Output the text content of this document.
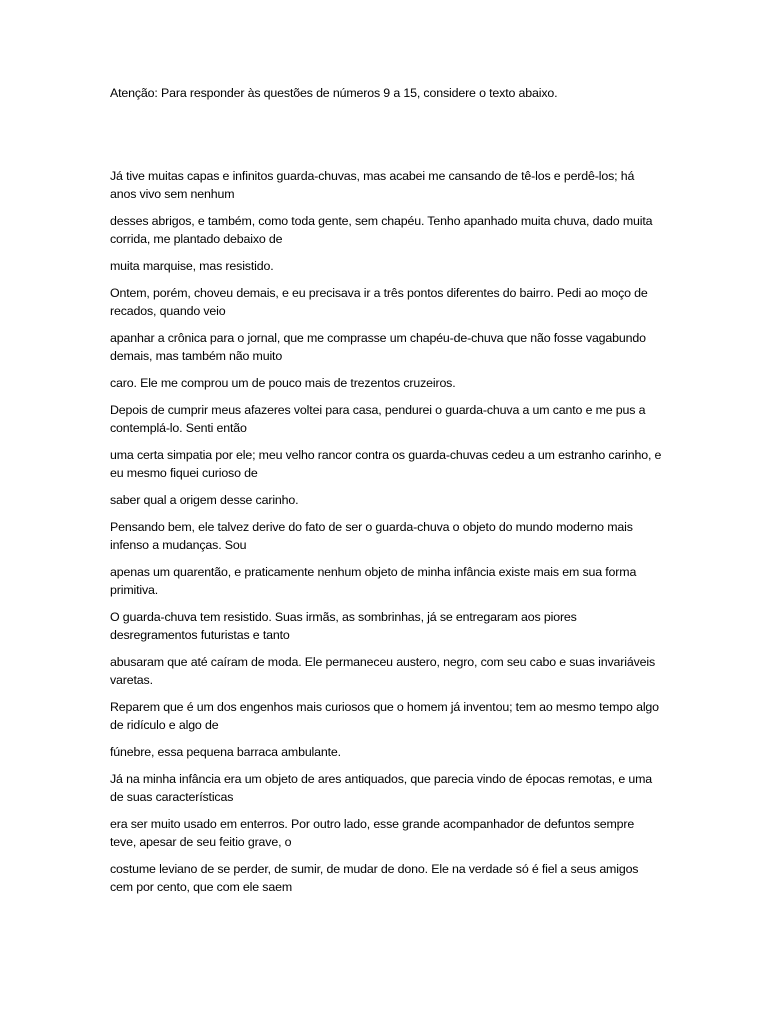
Atenção: Para responder às questões de números 9 a 15, considere o texto abaixo.

Já tive muitas capas e infinitos guarda-chuvas, mas acabei me cansando de tê-los e perdê-los; há anos vivo sem nenhum

desses abrigos, e também, como toda gente, sem chapéu. Tenho apanhado muita chuva, dado muita corrida, me plantado debaixo de

muita marquise, mas resistido.

Ontem, porém, choveu demais, e eu precisava ir a três pontos diferentes do bairro. Pedi ao moço de recados, quando veio

apanhar a crônica para o jornal, que me comprasse um chapéu-de-chuva que não fosse vagabundo demais, mas também não muito

caro. Ele me comprou um de pouco mais de trezentos cruzeiros.

Depois de cumprir meus afazeres voltei para casa, pendurei o guarda-chuva a um canto e me pus a contemplá-lo. Senti então

uma certa simpatia por ele; meu velho rancor contra os guarda-chuvas cedeu a um estranho carinho, e eu mesmo fiquei curioso de

saber qual a origem desse carinho.

Pensando bem, ele talvez derive do fato de ser o guarda-chuva o objeto do mundo moderno mais infenso a mudanças. Sou

apenas um quarentão, e praticamente nenhum objeto de minha infância existe mais em sua forma primitiva.

O guarda-chuva tem resistido. Suas irmãs, as sombrinhas, já se entregaram aos piores desregramentos futuristas e tanto

abusaram que até caíram de moda. Ele permaneceu austero, negro, com seu cabo e suas invariáveis varetas.

Reparem que é um dos engenhos mais curiosos que o homem já inventou; tem ao mesmo tempo algo de ridículo e algo de

fúnebre, essa pequena barraca ambulante.

Já na minha infância era um objeto de ares antiquados, que parecia vindo de épocas remotas, e uma de suas características

era ser muito usado em enterros. Por outro lado, esse grande acompanhador de defuntos sempre teve, apesar de seu feitio grave, o

costume leviano de se perder, de sumir, de mudar de dono. Ele na verdade só é fiel a seus amigos cem por cento, que com ele saem
